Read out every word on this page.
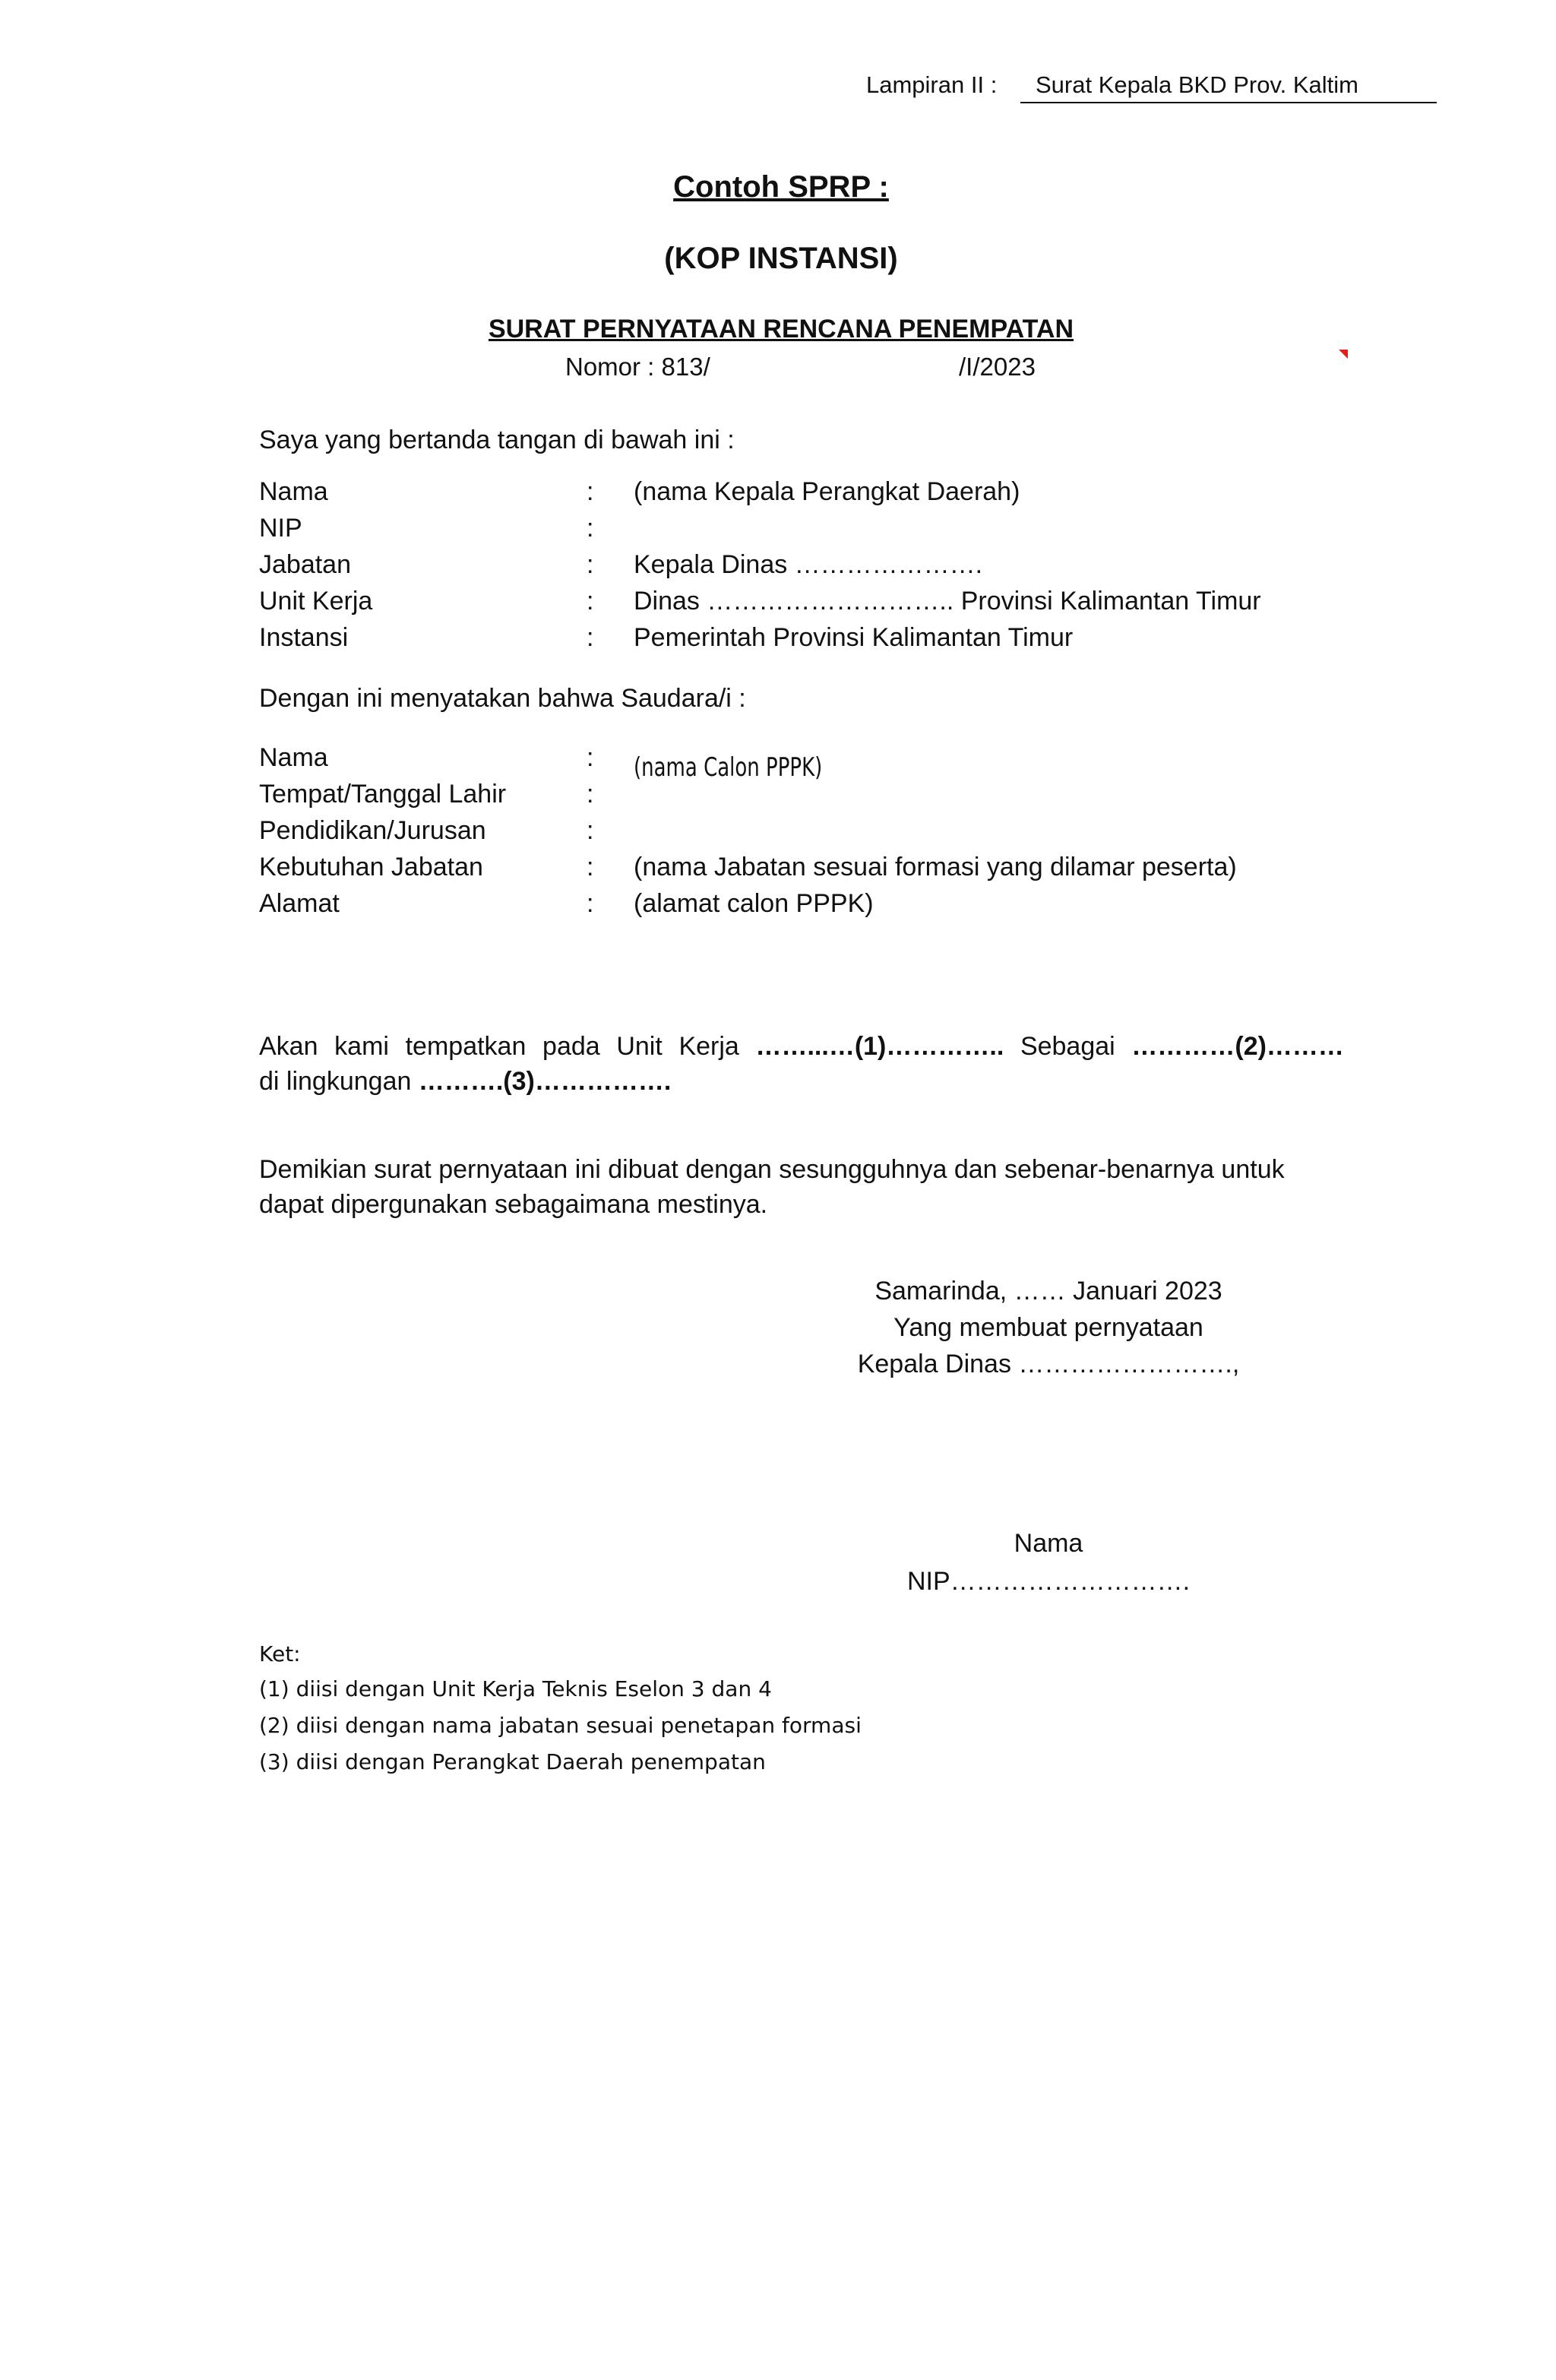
Lampiran II :	Surat Kepala BKD Prov. Kaltim
Contoh SPRP :
(KOP INSTANSI)
SURAT PERNYATAAN RENCANA PENEMPATAN
Nomor : 813/	/I/2023
Saya yang bertanda tangan di bawah ini :
Nama	: (nama Kepala Perangkat Daerah)
NIP	:
Jabatan	: Kepala Dinas ………………….
Unit Kerja	: Dinas ……………………….. Provinsi Kalimantan Timur
Instansi	: Pemerintah Provinsi Kalimantan Timur
Dengan ini menyatakan bahwa Saudara/i :
Nama	: (nama Calon PPPK)
Tempat/Tanggal Lahir	:
Pendidikan/Jurusan	:
Kebutuhan Jabatan	: (nama Jabatan sesuai formasi yang dilamar peserta)
Alamat	: (alamat calon PPPK)
Akan kami tempatkan pada Unit Kerja ……...…(1)………….. Sebagai …………(2)………
di lingkungan ……….(3)…………….
Demikian surat pernyataan ini dibuat dengan sesungguhnya dan sebenar-benarnya untuk
dapat dipergunakan sebagaimana mestinya.
Samarinda, …… Januari 2023
Yang membuat pernyataan
Kepala Dinas …………………….,
Nama
NIP……………………….
Ket:
(1) diisi dengan Unit Kerja Teknis Eselon 3 dan 4
(2) diisi dengan nama jabatan sesuai penetapan formasi
(3) diisi dengan Perangkat Daerah penempatan
